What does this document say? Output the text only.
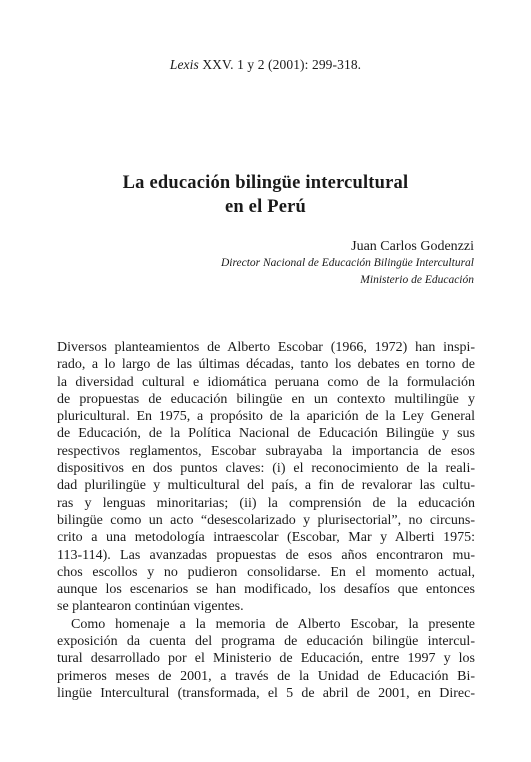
Lexis XXV. 1 y 2 (2001): 299-318.
La educación bilingüe intercultural
en el Perú
Juan Carlos Godenzzi
Director Nacional de Educación Bilingüe Intercultural
Ministerio de Educación
Diversos planteamientos de Alberto Escobar (1966, 1972) han inspi-
rado, a lo largo de las últimas décadas, tanto los debates en torno de
la diversidad cultural e idiomática peruana como de la formulación
de propuestas de educación bilingüe en un contexto multilingüe y
pluricultural. En 1975, a propósito de la aparición de la Ley General
de Educación, de la Política Nacional de Educación Bilingüe y sus
respectivos reglamentos, Escobar subrayaba la importancia de esos
dispositivos en dos puntos claves: (i) el reconocimiento de la reali-
dad plurilingüe y multicultural del país, a fin de revalorar las cultu-
ras y lenguas minoritarias; (ii) la comprensión de la educación
bilingüe como un acto “desescolarizado y plurisectorial”, no circuns-
crito a una metodología intraescolar (Escobar, Mar y Alberti 1975:
113-114). Las avanzadas propuestas de esos años encontraron mu-
chos escollos y no pudieron consolidarse. En el momento actual,
aunque los escenarios se han modificado, los desafíos que entonces
se plantearon continúan vigentes.
Como homenaje a la memoria de Alberto Escobar, la presente
exposición da cuenta del programa de educación bilingüe intercul-
tural desarrollado por el Ministerio de Educación, entre 1997 y los
primeros meses de 2001, a través de la Unidad de Educación Bi-
lingüe Intercultural (transformada, el 5 de abril de 2001, en Direc-
